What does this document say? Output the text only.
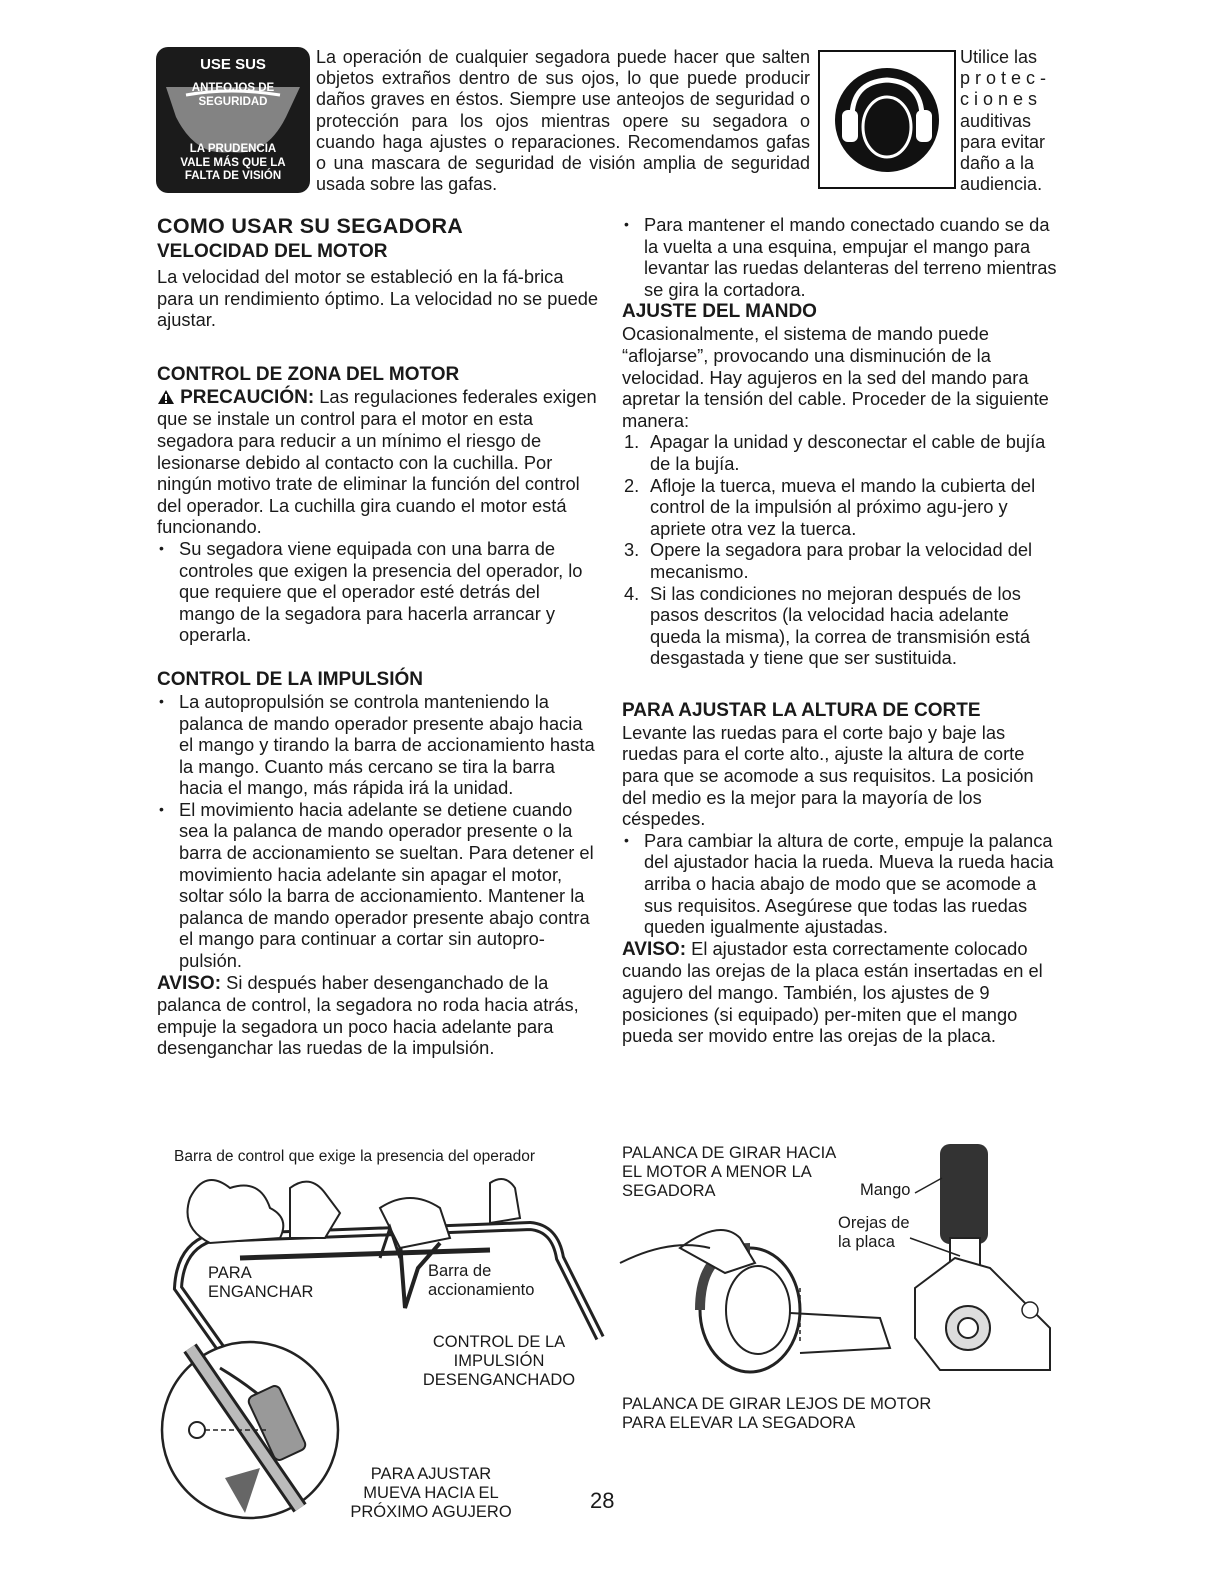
USE SUS
ANTEOJOS DE
SEGURIDAD
LA PRUDENCIA
VALE MÁS QUE LA
FALTA DE VISIÓN

La operación de cualquier segadora puede hacer que salten objetos extraños dentro de sus ojos, lo que puede producir daños graves en éstos. Siempre use anteojos de seguridad o protección para los ojos mientras opere su segadora o cuando haga ajustes o reparaciones. Recomendamos gafas o una mascara de seguridad de visión amplia de seguridad usada sobre las gafas.

Utilice las
p r o t e c -
c i o n e s
auditivas
para evitar
daño a la
audiencia.
COMO USAR SU SEGADORA
VELOCIDAD DEL MOTOR

La velocidad del motor se estableció en la fá-brica para un rendimiento óptimo. La velocidad no se puede ajustar.

CONTROL DE ZONA DEL MOTOR

PRECAUCIÓN: Las regulaciones federales exigen que se instale un control para el motor en esta segadora para reducir a un mínimo el riesgo de lesionarse debido al contacto con la cuchilla. Por ningún motivo trate de eliminar la función del control del operador. La cuchilla gira cuando el motor está funcionando.

• Su segadora viene equipada con una barra de controles que exigen la presencia del operador, lo que requiere que el operador esté detrás del mango de la segadora para hacerla arrancar y operarla.

CONTROL DE LA IMPULSIÓN

• La autopropulsión se controla manteniendo la palanca de mando operador presente abajo hacia el mango y tirando la barra de accionamiento hasta la mango. Cuanto más cercano se tira la barra hacia el mango, más rápida irá la unidad.

• El movimiento hacia adelante se detiene cuando sea la palanca de mando operador presente o la barra de accionamiento se sueltan. Para detener el movimiento hacia adelante sin apagar el motor, soltar sólo la barra de accionamiento. Mantener la palanca de mando operador presente abajo contra el mango para continuar a cortar sin autopro-pulsión.

AVISO: Si después haber desenganchado de la palanca de control, la segadora no roda hacia atrás, empuje la segadora un poco hacia adelante para desenganchar las ruedas de la impulsión.

• Para mantener el mando conectado cuando se da la vuelta a una esquina, empujar el mango para levantar las ruedas delanteras del terreno mientras se gira la cortadora.

AJUSTE DEL MANDO

Ocasionalmente, el sistema de mando puede “aflojarse”, provocando una disminución de la velocidad. Hay agujeros en la sed del mando para apretar la tensión del cable. Proceder de la siguiente manera:

1. Apagar la unidad y desconectar el cable de bujía de la bujía.
2. Afloje la tuerca, mueva el mando la cubierta del control de la impulsión al próximo agu-jero y apriete otra vez la tuerca.
3. Opere la segadora para probar la velocidad del mecanismo.
4. Si las condiciones no mejoran después de los pasos descritos (la velocidad hacia adelante queda la misma), la correa de transmisión está desgastada y tiene que ser sustituida.
PARA AJUSTAR LA ALTURA DE CORTE

Levante las ruedas para el corte bajo y baje las ruedas para el corte alto., ajuste la altura de corte para que se acomode a sus requisitos. La posición del medio es la mejor para la mayoría de los céspedes.

• Para cambiar la altura de corte, empuje la palanca del ajustador hacia la rueda. Mueva la rueda hacia arriba o hacia abajo de modo que se acomode a sus requisitos. Asegúrese que todas las ruedas queden igualmente ajustadas.

AVISO: El ajustador esta correctamente colocado cuando las orejas de la placa están insertadas en el agujero del mango. También, los ajustes de 9 posiciones (si equipado) per-miten que el mango pueda ser movido entre las orejas de la placa.

Barra de control que exige la presencia del operador
PARA
ENGANCHAR
Barra de
accionamiento
CONTROL DE LA
IMPULSIÓN
DESENGANCHADO
PARA AJUSTAR
MUEVA HACIA EL
PRÓXIMO AGUJERO
PALANCA DE GIRAR HACIA
EL MOTOR A MENOR LA
SEGADORA	Mango
Orejas de
la placa
PALANCA DE GIRAR LEJOS DE MOTOR
PARA ELEVAR LA SEGADORA
28
